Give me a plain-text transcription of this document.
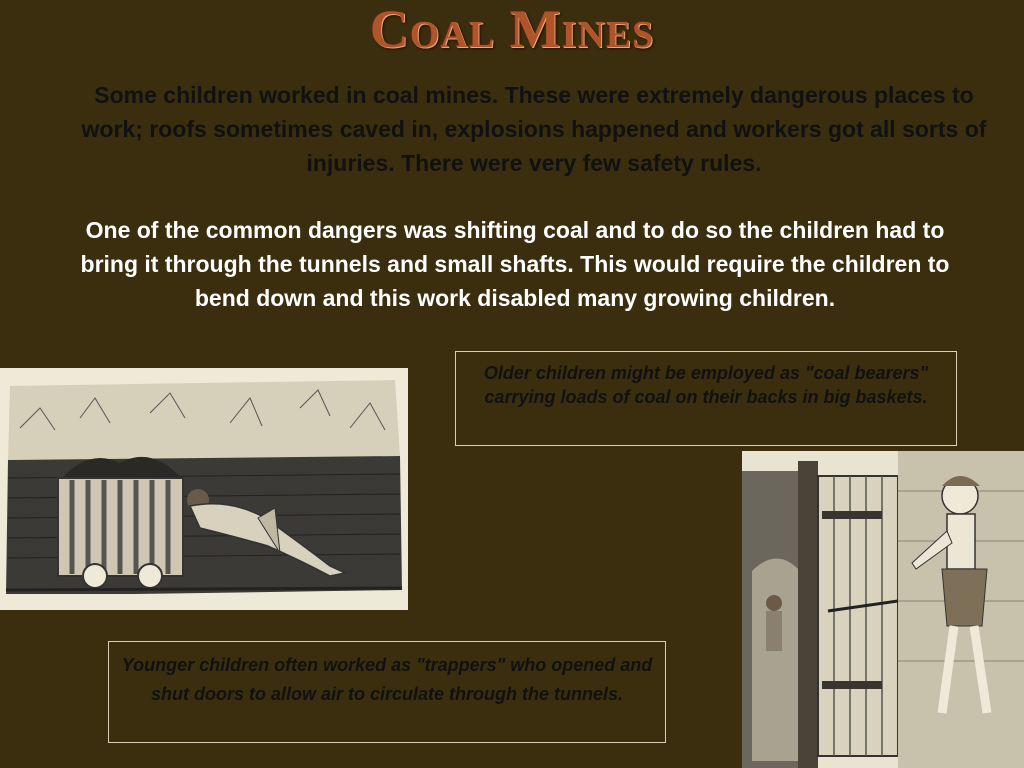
Coal Mines
Some children worked in coal mines. These were extremely dangerous places to work; roofs sometimes caved in, explosions happened and workers got all sorts of injuries. There were very few safety rules.
One of the common dangers was shifting coal and to do so the children had to bring it through the tunnels and small shafts. This would require the children to bend down and this work disabled many growing children.
Older children might be employed as "coal bearers" carrying loads of coal on their backs in big baskets.
Younger children often worked as "trappers" who opened and shut doors to allow air to circulate through the tunnels.
